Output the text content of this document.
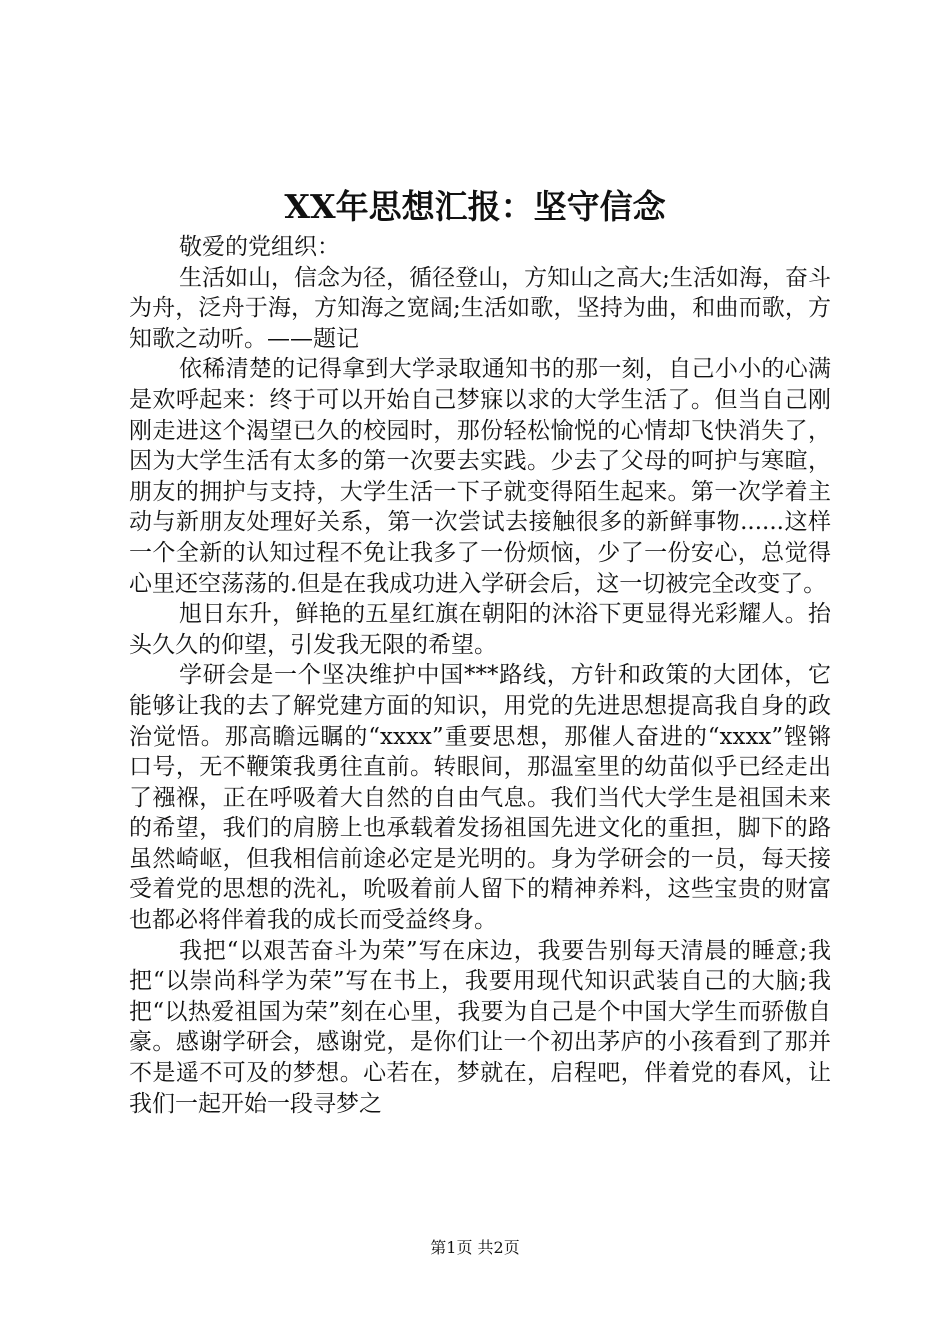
XX年思想汇报：坚守信念

敬爱的党组织：

生活如山，信念为径，循径登山，方知山之高大;生活如海，奋斗为舟，泛舟于海，方知海之宽阔;生活如歌，坚持为曲，和曲而歌，方知歌之动听。——题记

依稀清楚的记得拿到大学录取通知书的那一刻，自己小小的心满是欢呼起来：终于可以开始自己梦寐以求的大学生活了。但当自己刚刚走进这个渴望已久的校园时，那份轻松愉悦的心情却飞快消失了，因为大学生活有太多的第一次要去实践。少去了父母的呵护与寒暄，朋友的拥护与支持，大学生活一下子就变得陌生起来。第一次学着主动与新朋友处理好关系，第一次尝试去接触很多的新鲜事物......这样一个全新的认知过程不免让我多了一份烦恼，少了一份安心，总觉得心里还空荡荡的.但是在我成功进入学研会后，这一切被完全改变了。

旭日东升，鲜艳的五星红旗在朝阳的沐浴下更显得光彩耀人。抬头久久的仰望，引发我无限的希望。

学研会是一个坚决维护中国***路线，方针和政策的大团体，它能够让我的去了解党建方面的知识，用党的先进思想提高我自身的政治觉悟。那高瞻远瞩的“xxxx”重要思想，那催人奋进的“xxxx”铿锵口号，无不鞭策我勇往直前。转眼间，那温室里的幼苗似乎已经走出了襁褓，正在呼吸着大自然的自由气息。我们当代大学生是祖国未来的希望，我们的肩膀上也承载着发扬祖国先进文化的重担，脚下的路虽然崎岖，但我相信前途必定是光明的。身为学研会的一员，每天接受着党的思想的洗礼，吮吸着前人留下的精神养料，这些宝贵的财富也都必将伴着我的成长而受益终身。

我把“以艰苦奋斗为荣”写在床边，我要告别每天清晨的睡意;我把“以崇尚科学为荣”写在书上，我要用现代知识武装自己的大脑;我把“以热爱祖国为荣”刻在心里，我要为自己是个中国大学生而骄傲自豪。感谢学研会，感谢党，是你们让一个初出茅庐的小孩看到了那并不是遥不可及的梦想。心若在，梦就在，启程吧，伴着党的春风，让我们一起开始一段寻梦之

第1页 共2页
